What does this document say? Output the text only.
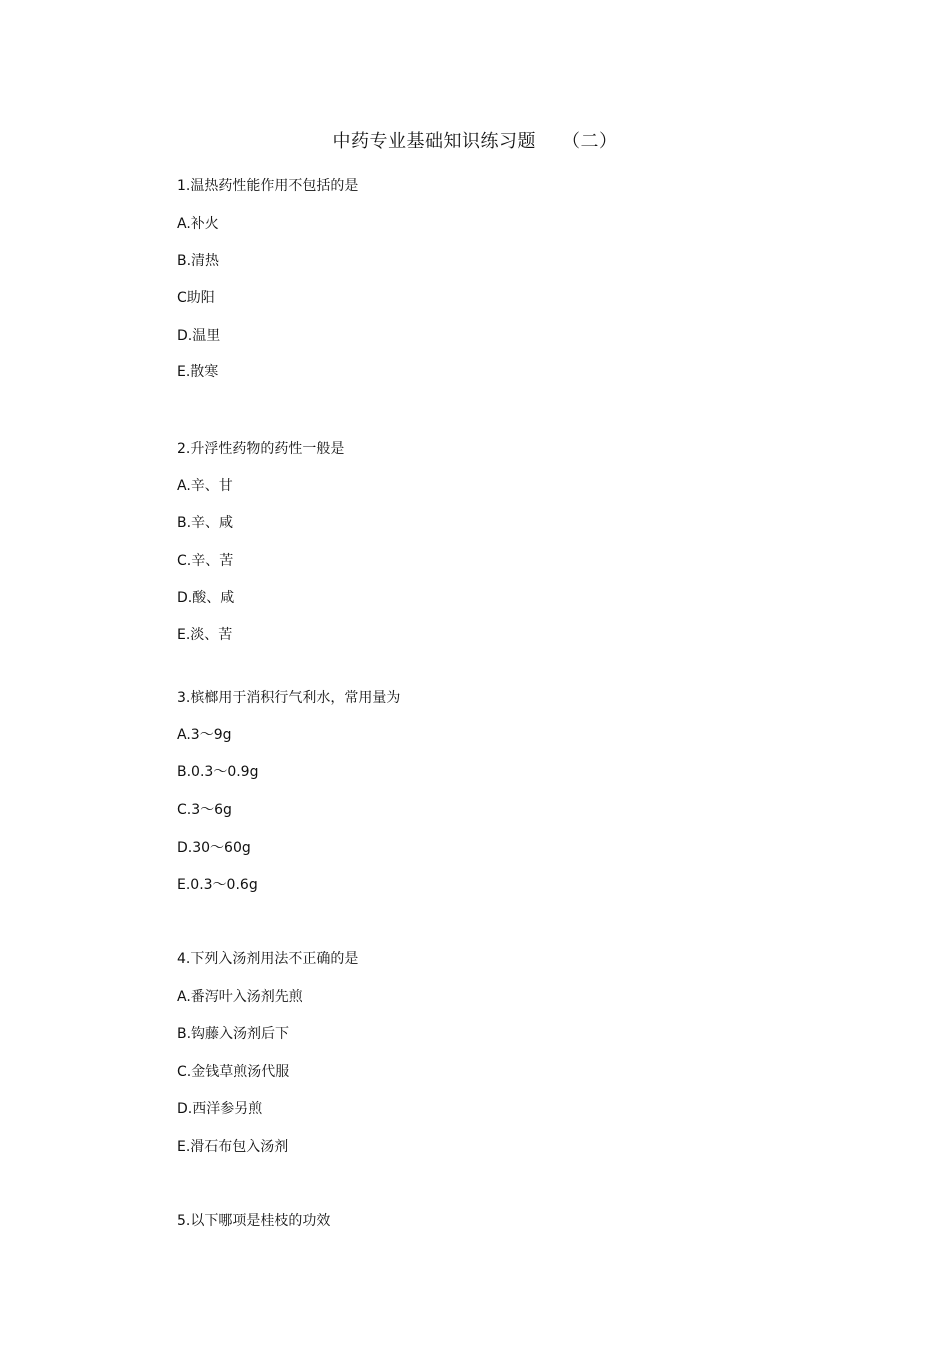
中药专业基础知识练习题 （二）
1.温热药性能作用不包括的是
A.补火
B.清热
C助阳
D.温里
E.散寒
2.升浮性药物的药性一般是
A.辛、甘
B.辛、咸
C.辛、苦
D.酸、咸
E.淡、苦
3.槟榔用于消积行气利水，常用量为
A.3～9g
B.0.3～0.9g
C.3～6g
D.30～60g
E.0.3～0.6g
4.下列入汤剂用法不正确的是
A.番泻叶入汤剂先煎
B.钩藤入汤剂后下
C.金钱草煎汤代服
D.西洋参另煎
E.滑石布包入汤剂
5.以下哪项是桂枝的功效
